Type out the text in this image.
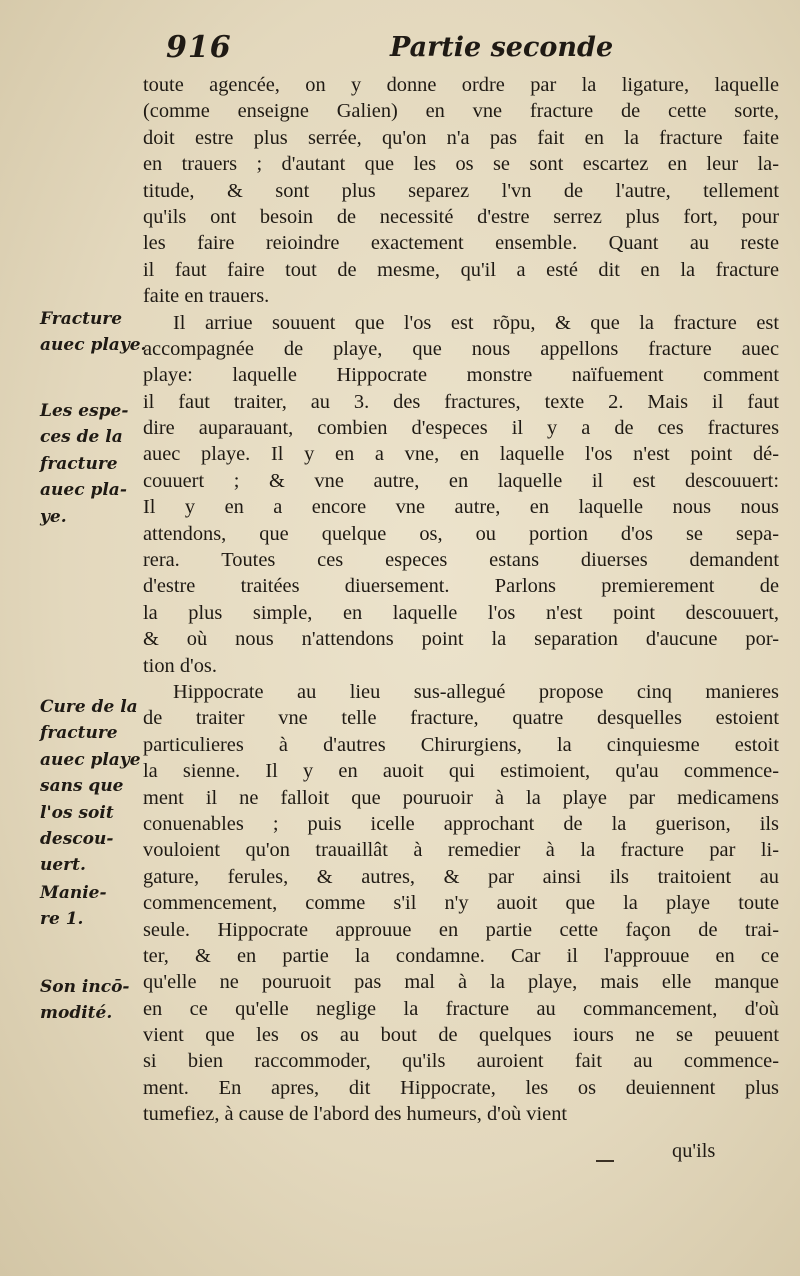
916	Partie seconde
Fracture
auec playe.
Les espe-
ces de la
fracture
auec pla-
ye.
Cure de la
fracture
auec playe
sans que
l'os soit
descou-
uert.
Manie-
re 1.
Son incō-
modité.
toute agencée, on y donne ordre par la ligature, laquelle
(comme enseigne Galien) en vne fracture de cette sorte,
doit estre plus serrée, qu'on n'a pas fait en la fracture faite
en trauers ; d'autant que les os se sont escartez en leur la-
titude, & sont plus separez l'vn de l'autre, tellement
qu'ils ont besoin de necessité d'estre serrez plus fort, pour
les faire reioindre exactement ensemble. Quant au reste
il faut faire tout de mesme, qu'il a esté dit en la fracture
faite en trauers.
Il arriue souuent que l'os est rõpu, & que la fracture est
accompagnée de playe, que nous appellons fracture auec
playe: laquelle Hippocrate monstre naïfuement comment
il faut traiter, au 3. des fractures, texte 2. Mais il faut
dire auparauant, combien d'especes il y a de ces fractures
auec playe. Il y en a vne, en laquelle l'os n'est point dé-
couuert ; & vne autre, en laquelle il est descouuert:
Il y en a encore vne autre, en laquelle nous nous
attendons, que quelque os, ou portion d'os se sepa-
rera. Toutes ces especes estans diuerses demandent
d'estre traitées diuersement. Parlons premierement de
la plus simple, en laquelle l'os n'est point descouuert,
& où nous n'attendons point la separation d'aucune por-
tion d'os.
Hippocrate au lieu sus-allegué propose cinq manieres
de traiter vne telle fracture, quatre desquelles estoient
particulieres à d'autres Chirurgiens, la cinquiesme estoit
la sienne. Il y en auoit qui estimoient, qu'au commence-
ment il ne falloit que pouruoir à la playe par medicamens
conuenables ; puis icelle approchant de la guerison, ils
vouloient qu'on trauaillât à remedier à la fracture par li-
gature, ferules, & autres, & par ainsi ils traitoient au
commencement, comme s'il n'y auoit que la playe toute
seule. Hippocrate approuue en partie cette façon de trai-
ter, & en partie la condamne. Car il l'approuue en ce
qu'elle ne pouruoit pas mal à la playe, mais elle manque
en ce qu'elle neglige la fracture au commancement, d'où
vient que les os au bout de quelques iours ne se peuuent
si bien raccommoder, qu'ils auroient fait au commence-
ment. En apres, dit Hippocrate, les os deuiennent plus
tumefiez, à cause de l'abord des humeurs, d'où vient
qu'ils
